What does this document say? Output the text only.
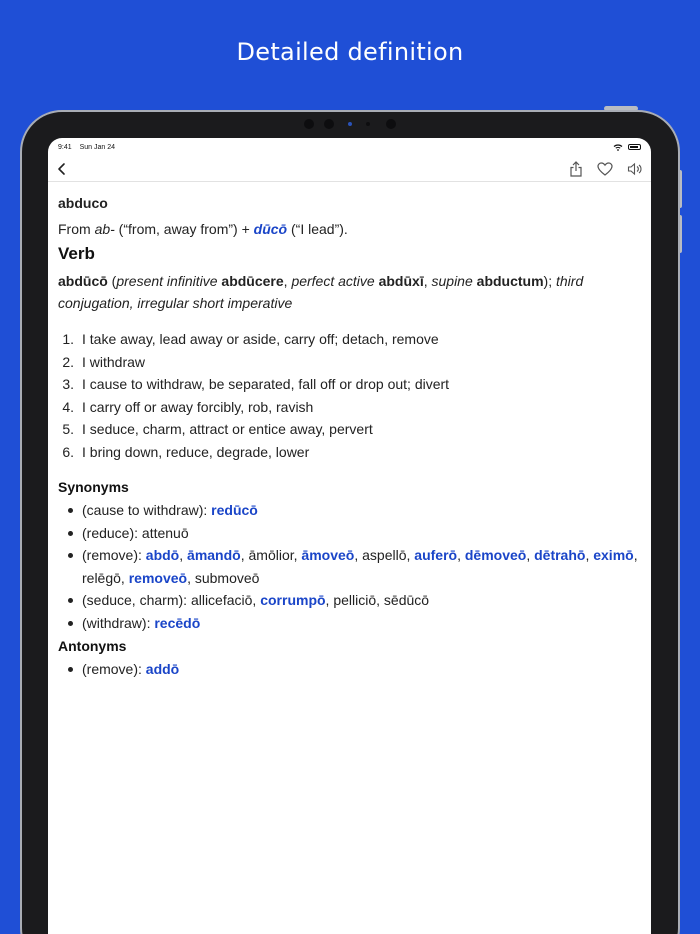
Detailed definition
9:41 Sun Jan 24
abduco
From ab- (“from, away from”) + dūcō (“I lead”).
Verb
abdūcō (present infinitive abdūcere, perfect active abdūxī, supine abductum); third conjugation, irregular short imperative
1. I take away, lead away or aside, carry off; detach, remove
2. I withdraw
3. I cause to withdraw, be separated, fall off or drop out; divert
4. I carry off or away forcibly, rob, ravish
5. I seduce, charm, attract or entice away, pervert
6. I bring down, reduce, degrade, lower
Synonyms
(cause to withdraw): redūcō
(reduce): attenuō
(remove): abdō, āmandō, āmōlior, āmoveō, aspellō, auferō, dēmoveō, dētrahō, eximō, relēgō, removeō, submoveō
(seduce, charm): allicefaciō, corrumpō, pelliciō, sēdūcō
(withdraw): recēdō
Antonyms
(remove): addō
